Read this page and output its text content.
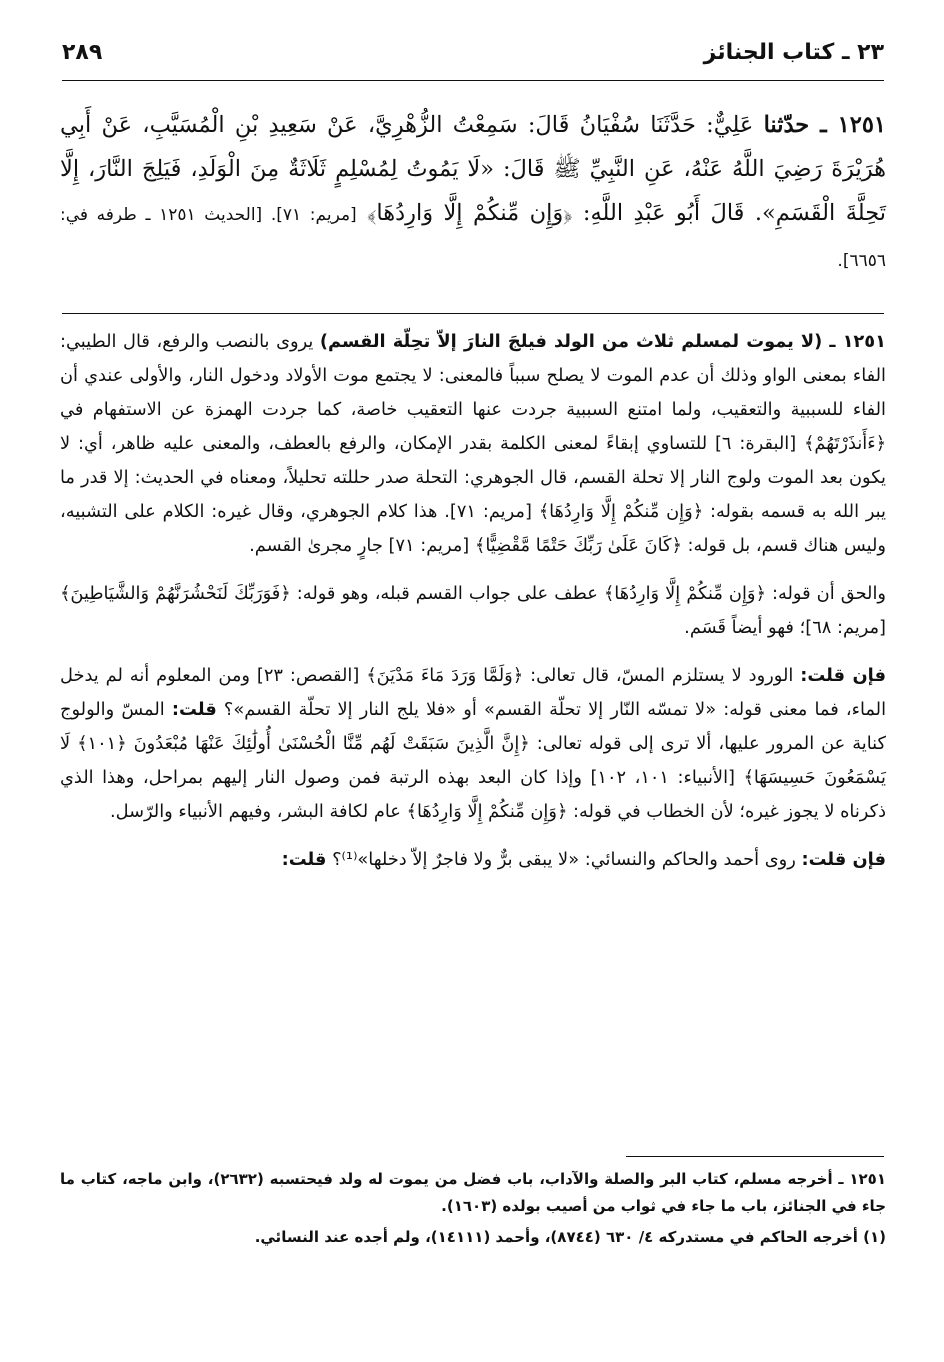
٢٣ ـ كتاب الجنائز
٢٨٩
١٢٥١ ـ حدّثنا عَلِيٌّ: حَدَّثَنَا سُفْيَانُ قَالَ: سَمِعْتُ الزُّهْرِيَّ، عَنْ سَعِيدِ بْنِ الْمُسَيَّبِ، عَنْ أَبِي هُرَيْرَةَ رَضِيَ اللَّهُ عَنْهُ، عَنِ النَّبِيِّ ﷺ قَالَ: «لَا يَمُوتُ لِمُسْلِمٍ ثَلَاثَةٌ مِنَ الْوَلَدِ، فَيَلِجَ النَّارَ، إِلَّا تَحِلَّةَ الْقَسَمِ». قَالَ أَبُو عَبْدِ اللَّهِ: ﴿وَإِن مِّنكُمْ إِلَّا وَارِدُهَا﴾ [مريم: ٧١]. [الحديث ١٢٥١ ـ طرفه في: ٦٦٥٦].

١٢٥١ ـ (لا يموت لمسلم ثلاث من الولد فيلجَ النارَ إلاّ تحِلّة القسم) يروى بالنصب والرفع، قال الطيبي: الفاء بمعنى الواو وذلك أن عدم الموت لا يصلح سبباً فالمعنى: لا يجتمع موت الأولاد ودخول النار، والأولى عندي أن الفاء للسببية والتعقيب، ولما امتنع السببية جردت عنها التعقيب خاصة، كما جردت الهمزة عن الاستفهام في ﴿ءَأَنذَرْتَهُمْ﴾ [البقرة: ٦] للتساوي إبقاءً لمعنى الكلمة بقدر الإمكان، والرفع بالعطف، والمعنى عليه ظاهر، أي: لا يكون بعد الموت ولوج النار إلا تحلة القسم، قال الجوهري: التحلة صدر حللته تحليلاً، ومعناه في الحديث: إلا قدر ما يبر الله به قسمه بقوله: ﴿وَإِن مِّنكُمْ إِلَّا وَارِدُهَا﴾ [مريم: ٧١]. هذا كلام الجوهري، وقال غيره: الكلام على التشبيه، وليس هناك قسم، بل قوله: ﴿كَانَ عَلَىٰ رَبِّكَ حَتْمًا مَّقْضِيًّا﴾ [مريم: ٧١] جارٍ مجرىٰ القسم.

والحق أن قوله: ﴿وَإِن مِّنكُمْ إِلَّا وَارِدُهَا﴾ عطف على جواب القسم قبله، وهو قوله: ﴿فَوَرَبِّكَ لَنَحْشُرَنَّهُمْ وَالشَّيَاطِينَ﴾ [مريم: ٦٨]؛ فهو أيضاً قَسَم.

فإن قلت: الورود لا يستلزم المسّ، قال تعالى: ﴿وَلَمَّا وَرَدَ مَاءَ مَدْيَنَ﴾ [القصص: ٢٣] ومن المعلوم أنه لم يدخل الماء، فما معنى قوله: «لا تمسّه النّار إلا تحلّة القسم» أو «فلا يلج النار إلا تحلّة القسم»؟ قلت: المسّ والولوج كناية عن المرور عليها، ألا ترى إلى قوله تعالى: ﴿إِنَّ الَّذِينَ سَبَقَتْ لَهُم مِّنَّا الْحُسْنَىٰ أُولَٰئِكَ عَنْهَا مُبْعَدُونَ ﴿١٠١﴾ لَا يَسْمَعُونَ حَسِيسَهَا﴾ [الأنبياء: ١٠١، ١٠٢] وإذا كان البعد بهذه الرتبة فمن وصول النار إليهم بمراحل، وهذا الذي ذكرناه لا يجوز غيره؛ لأن الخطاب في قوله: ﴿وَإِن مِّنكُمْ إِلَّا وَارِدُهَا﴾ عام لكافة البشر، وفيهم الأنبياء والرّسل.

فإن قلت: روى أحمد والحاكم والنسائي: «لا يبقى برٌّ ولا فاجرٌ إلاّ دخلها»⁽¹⁾؟ قلت:

١٢٥١ ـ أخرجه مسلم، كتاب البر والصلة والآداب، باب فضل من يموت له ولد فيحتسبه (٢٦٣٢)، وابن ماجه، كتاب ما جاء في الجنائز، باب ما جاء في ثواب من أصيب بولده (١٦٠٣).

(١) أخرجه الحاكم في مستدركه ٤/ ٦٣٠ (٨٧٤٤)، وأحمد (١٤١١١)، ولم أجده عند النسائي.
